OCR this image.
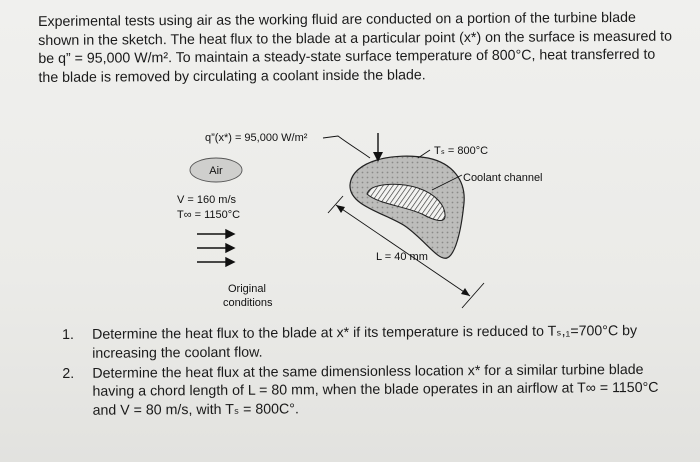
Experimental tests using air as the working fluid are conducted on a portion of the turbine blade shown in the sketch. The heat flux to the blade at a particular point (x*) on the surface is measured to be q” = 95,000 W/m². To maintain a steady-state surface temperature of 800°C, heat transferred to the blade is removed by circulating a coolant inside the blade.

q”(x*) = 95,000 W/m²
Tₛ = 800°C
Air
Coolant channel
V = 160 m/s
T∞ = 1150°C
L = 40 mm
Original
conditions
1. Determine the heat flux to the blade at x* if its temperature is reduced to Tₛ,₁=700°C by increasing the coolant flow.
2. Determine the heat flux at the same dimensionless location x* for a similar turbine blade having a chord length of L = 80 mm, when the blade operates in an airflow at T∞ = 1150°C and V = 80 m/s, with Tₛ = 800C°.
